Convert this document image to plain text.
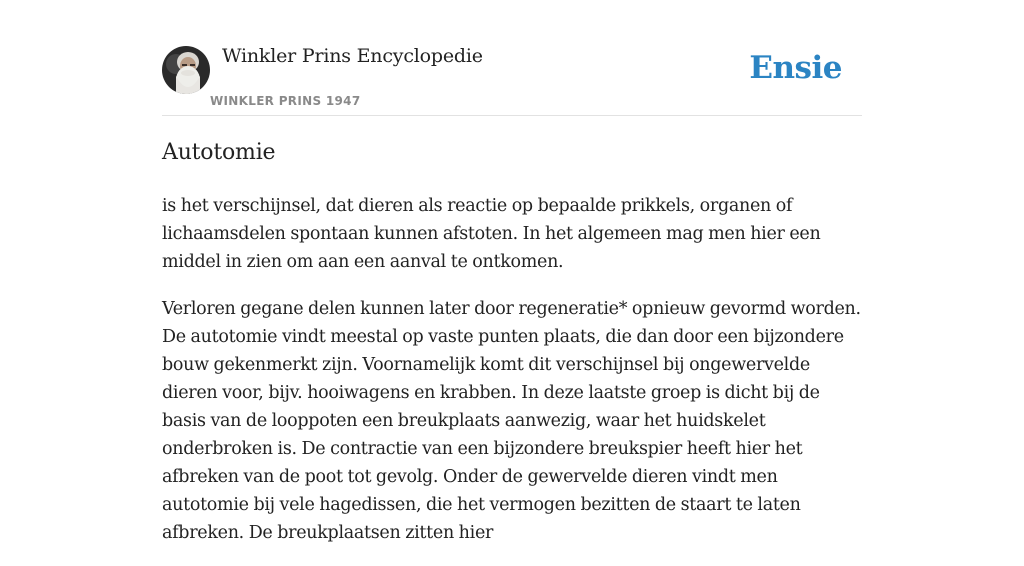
Winkler Prins Encyclopedie
WINKLER PRINS 1947
Ensie
Autotomie

is het verschijnsel, dat dieren als reactie op bepaalde prikkels, organen of lichaamsdelen spontaan kunnen afstoten. In het algemeen mag men hier een middel in zien om aan een aanval te ontkomen.

Verloren gegane delen kunnen later door regeneratie* opnieuw gevormd worden. De autotomie vindt meestal op vaste punten plaats, die dan door een bijzondere bouw gekenmerkt zijn. Voornamelijk komt dit verschijnsel bij ongewervelde dieren voor, bijv. hooiwagens en krabben. In deze laatste groep is dicht bij de basis van de looppoten een breukplaats aanwezig, waar het huidskelet onderbroken is. De contractie van een bijzondere breukspier heeft hier het afbreken van de poot tot gevolg. Onder de gewervelde dieren vindt men autotomie bij vele hagedissen, die het vermogen bezitten de staart te laten afbreken. De breukplaatsen zitten hier
